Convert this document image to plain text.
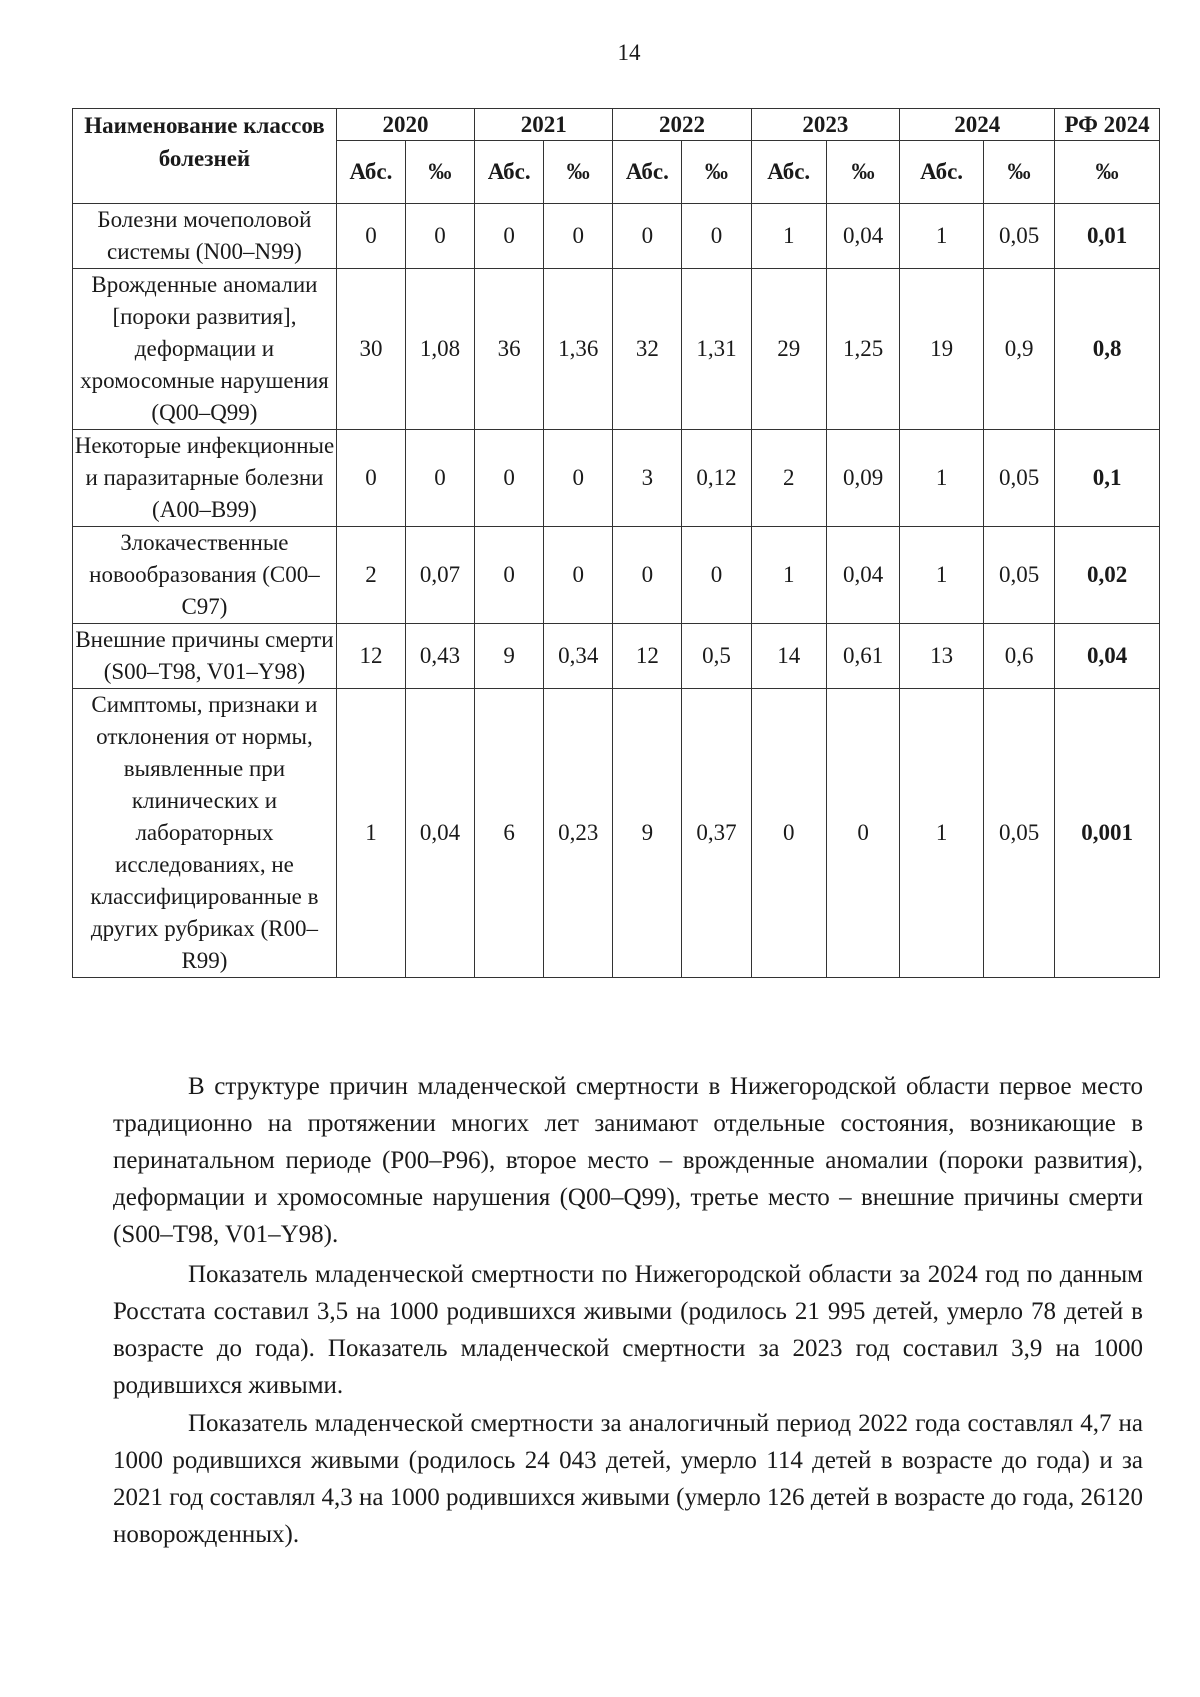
14
Наименование классов болезней	2020		2021		2022		2023		2024		РФ 2024
	Абс.	‰	Абс.	‰	Абс.	‰	Абс.	‰	Абс.	‰	‰
Болезни мочеполовой системы (N00–N99)	0	0	0	0	0	0	1	0,04	1	0,05	0,01
Врожденные аномалии [пороки развития], деформации и хромосомные нарушения (Q00–Q99)	30	1,08	36	1,36	32	1,31	29	1,25	19	0,9	0,8
Некоторые инфекционные и паразитарные болезни (А00–В99)	0	0	0	0	3	0,12	2	0,09	1	0,05	0,1
Злокачественные новообразования (С00–С97)	2	0,07	0	0	0	0	1	0,04	1	0,05	0,02
Внешние причины смерти (S00–T98, V01–Y98)	12	0,43	9	0,34	12	0,5	14	0,61	13	0,6	0,04
Симптомы, признаки и отклонения от нормы, выявленные при клинических и лабораторных исследованиях, не классифицированные в других рубриках (R00–R99)	1	0,04	6	0,23	9	0,37	0	0	1	0,05	0,001

В структуре причин младенческой смертности в Нижегородской области первое место традиционно на протяжении многих лет занимают отдельные состояния, возникающие в перинатальном периоде (Р00–Р96), второе место – врожденные аномалии (пороки развития), деформации и хромосомные нарушения (Q00–Q99), третье место – внешние причины смерти (S00–T98, V01–Y98).

Показатель младенческой смертности по Нижегородской области за 2024 год по данным Росстата составил 3,5 на 1000 родившихся живыми (родилось 21 995 детей, умерло 78 детей в возрасте до года). Показатель младенческой смертности за 2023 год составил 3,9 на 1000 родившихся живыми.

Показатель младенческой смертности за аналогичный период 2022 года составлял 4,7 на 1000 родившихся живыми (родилось 24 043 детей, умерло 114 детей в возрасте до года) и за 2021 год составлял 4,3 на 1000 родившихся живыми (умерло 126 детей в возрасте до года, 26120 новорожденных).
